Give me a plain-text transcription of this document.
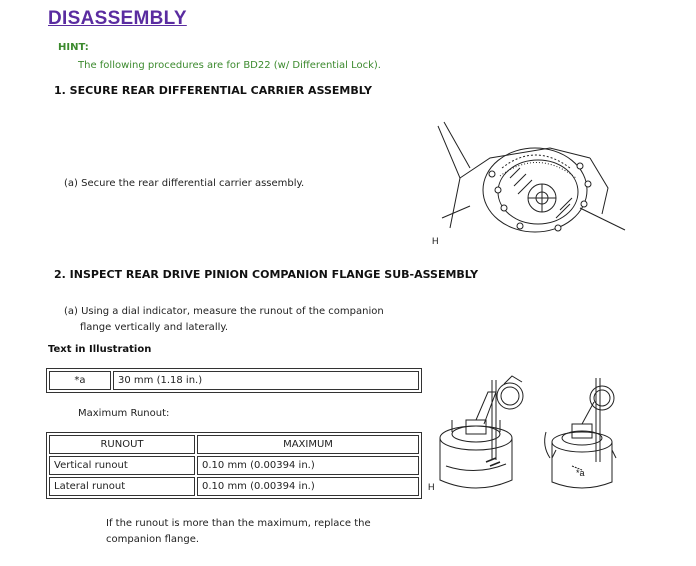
DISASSEMBLY
HINT:
The following procedures are for BD22 (w/ Differential Lock).
1. SECURE REAR DIFFERENTIAL CARRIER ASSEMBLY
(a) Secure the rear differential carrier assembly.
H
2. INSPECT REAR DRIVE PINION COMPANION FLANGE SUB-ASSEMBLY
(a) Using a dial indicator, measure the runout of the companion
flange vertically and laterally.
Text in Illustration
*a	30 mm (1.18 in.)
Maximum Runout:
RUNOUT	MAXIMUM
Vertical runout	0.10 mm (0.00394 in.)
Lateral runout	0.10 mm (0.00394 in.)
If the runout is more than the maximum, replace the
companion flange.
H
*a
